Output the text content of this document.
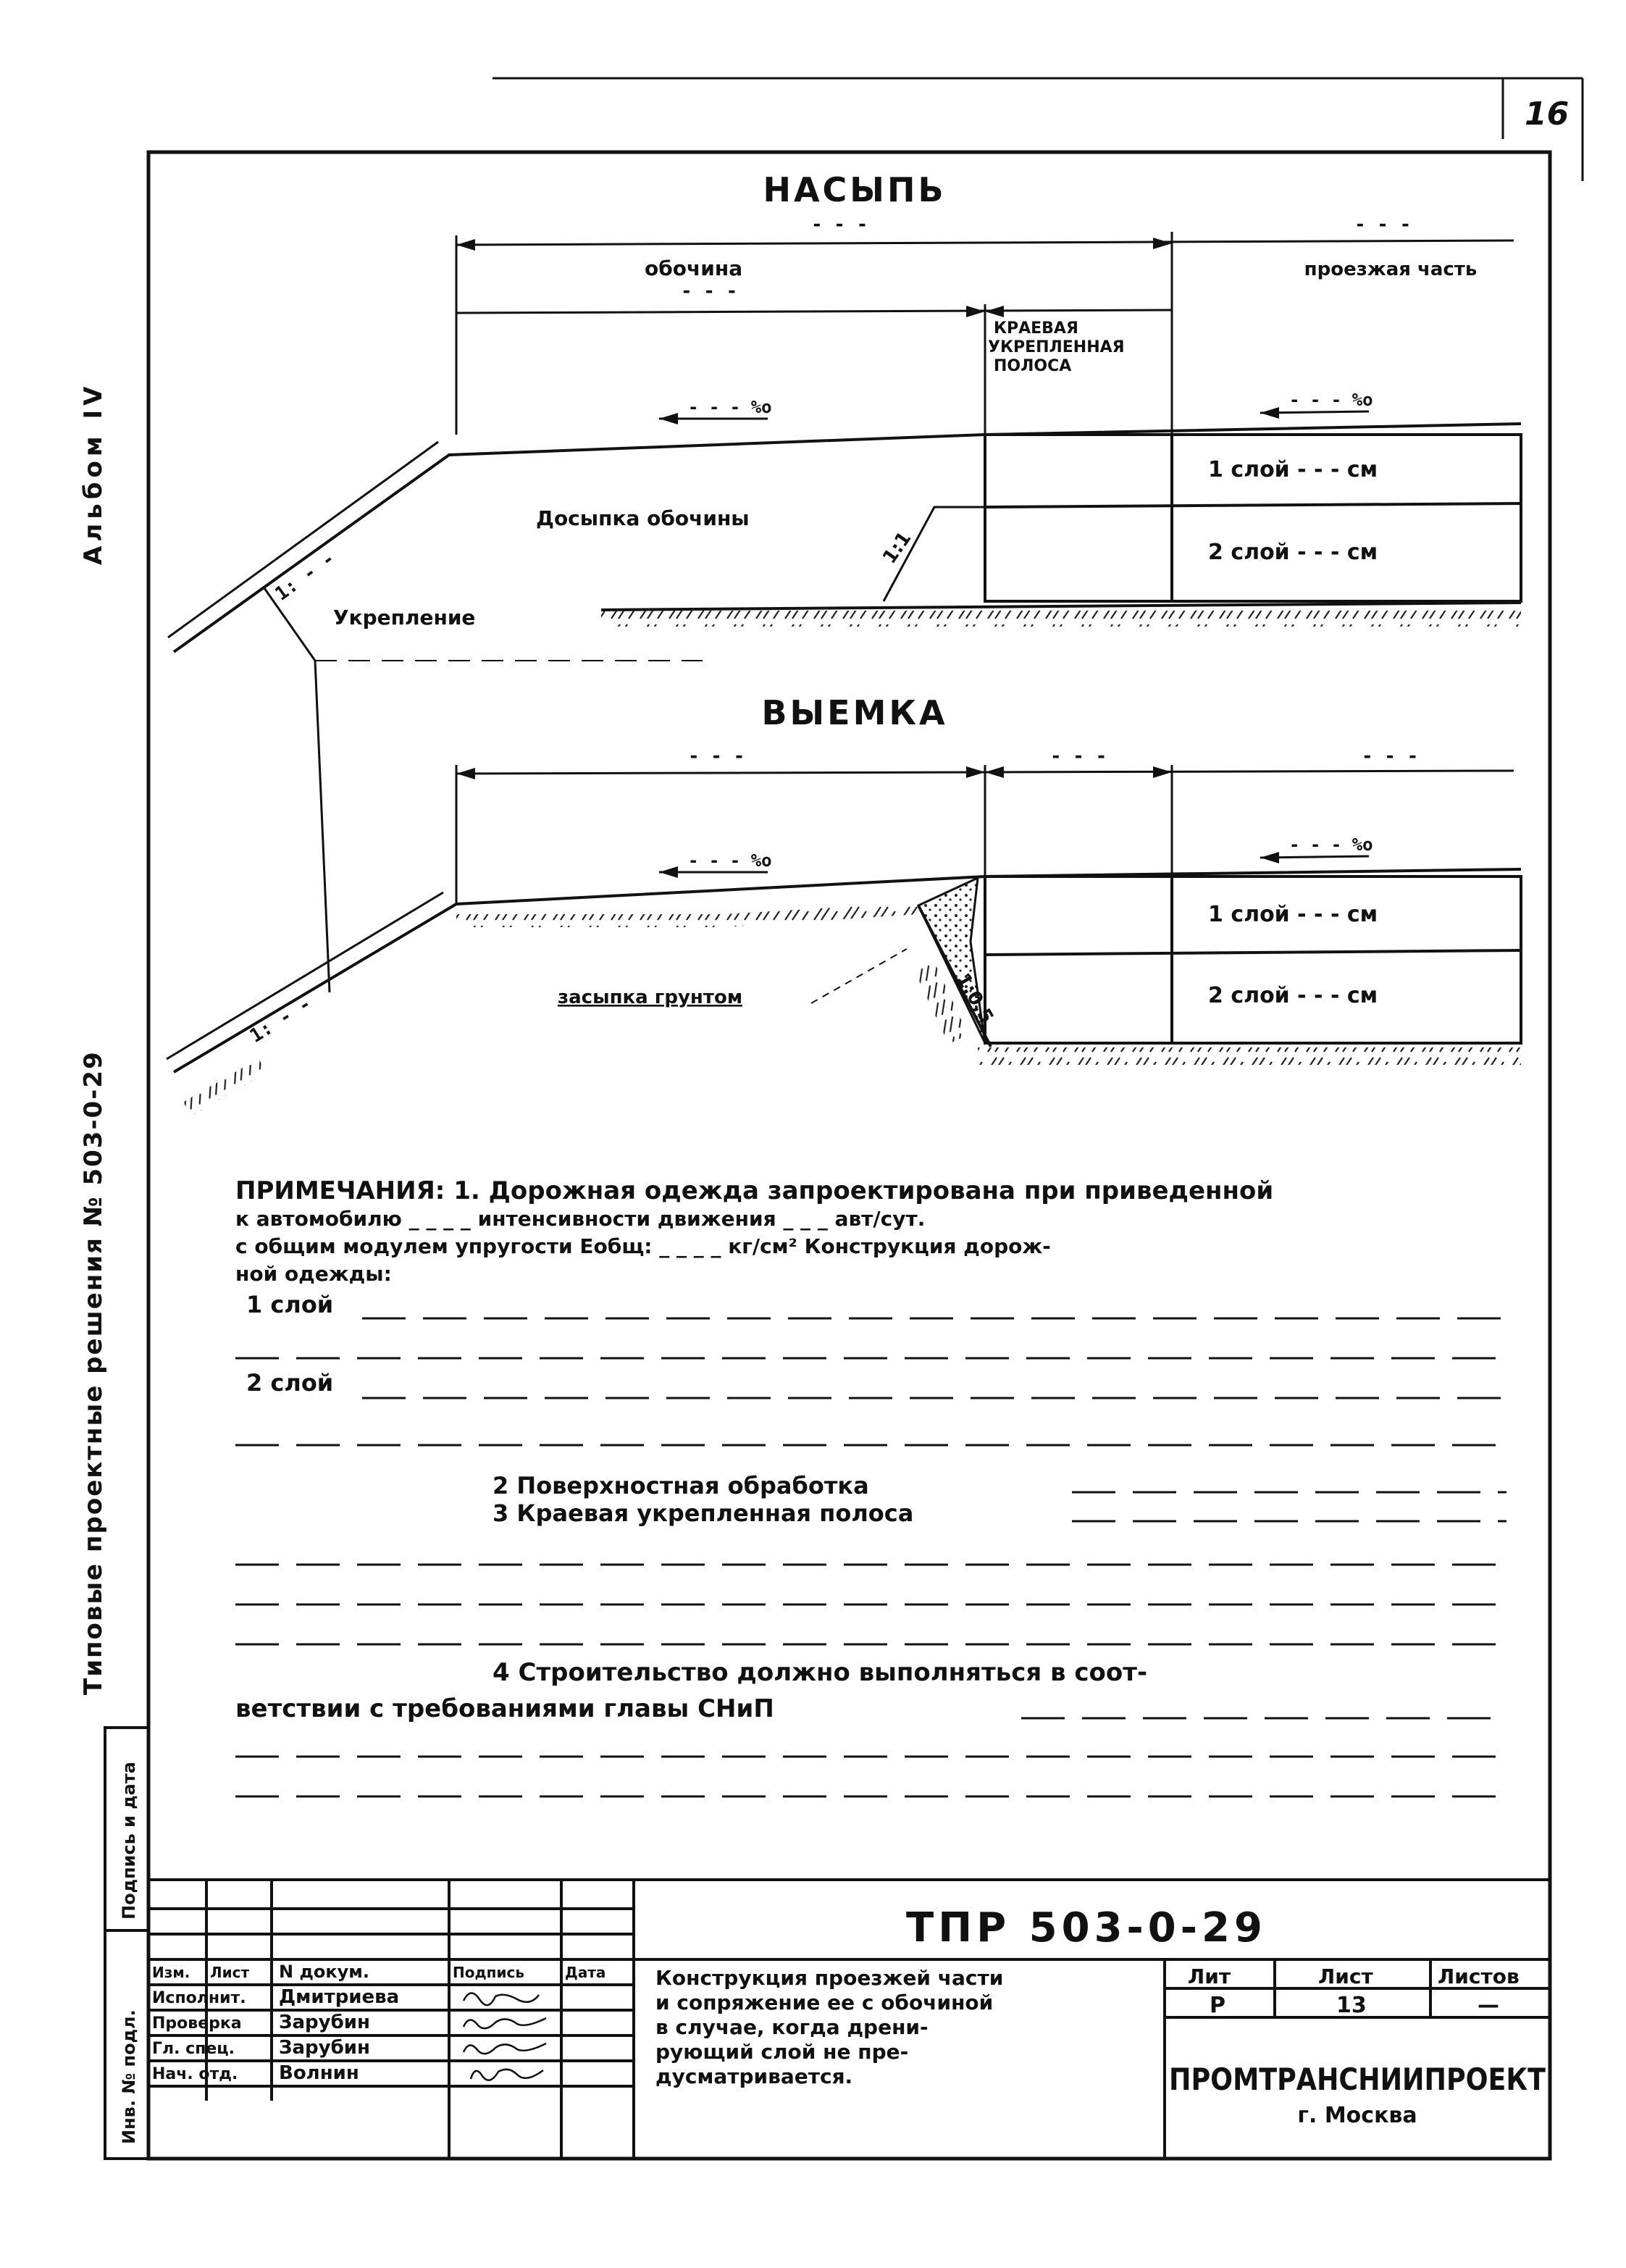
16
Альбом IV
Типовые проектные решения № 503-0-29
Подпись и дата
Инв. № подл.
НАСЫПЬ
- - -	- - -
обочина	проезжая часть
- - -
КРАЕВАЯ
УКРЕПЛЕННАЯ
ПОЛОСА
- - - %о	- - - %о
1 слой - - - см
2 слой - - - см
Досыпка обочины
1:1
1: - -
Укрепление
ВЫЕМКА
- - -	- - -	- - -
- - - %о
- - - %о
1 слой - - - см
2 слой - - - см
засыпка грунтом	1:0,5
1: - -
ПРИМЕЧАНИЯ: 1. Дорожная одежда запроектирована при приведенной
к автомобилю _ _ _ _ интенсивности движения _ _ _ авт/сут.
с общим модулем упругости Еобщ: _ _ _ _ кг/см² Конструкция дорож-
ной одежды:
1 слой
2 слой
2 Поверхностная обработка
3 Краевая укрепленная полоса
4 Строительство должно выполняться в соот-
ветствии с требованиями главы СНиП
ТПР 503-0-29
Изм. Лист N докум.	Подпись	Дата
Исполнит. Дмитриева
Проверка Зарубин
Гл. спец. Зарубин
Нач. отд. Волнин
Конструкция проезжей части
и сопряжение ее с обочиной
в случае, когда дрени-
рующий слой не пре-
дусматривается.
Лит	Лист	Листов
Р	13	—
ПРОМТРАНСНИИПРОЕКТ
г. Москва
